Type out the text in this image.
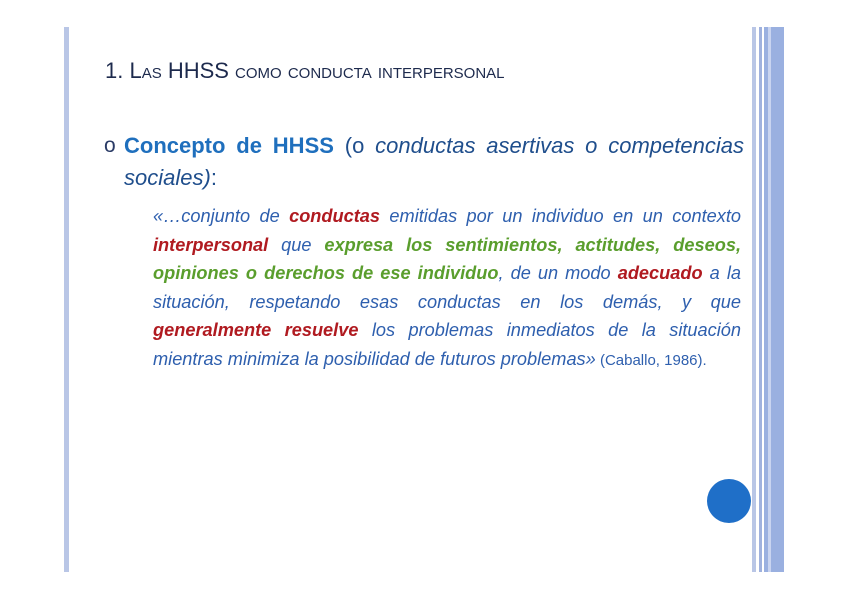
1. Las HHSS como conducta interpersonal
o Concepto de HHSS (o conductas asertivas o competencias sociales):
«…conjunto de conductas emitidas por un individuo en un contexto interpersonal que expresa los sentimientos, actitudes, deseos, opiniones o derechos de ese individuo, de un modo adecuado a la situación, respetando esas conductas en los demás, y que generalmente resuelve los problemas inmediatos de la situación mientras minimiza la posibilidad de futuros problemas» (Caballo, 1986).
